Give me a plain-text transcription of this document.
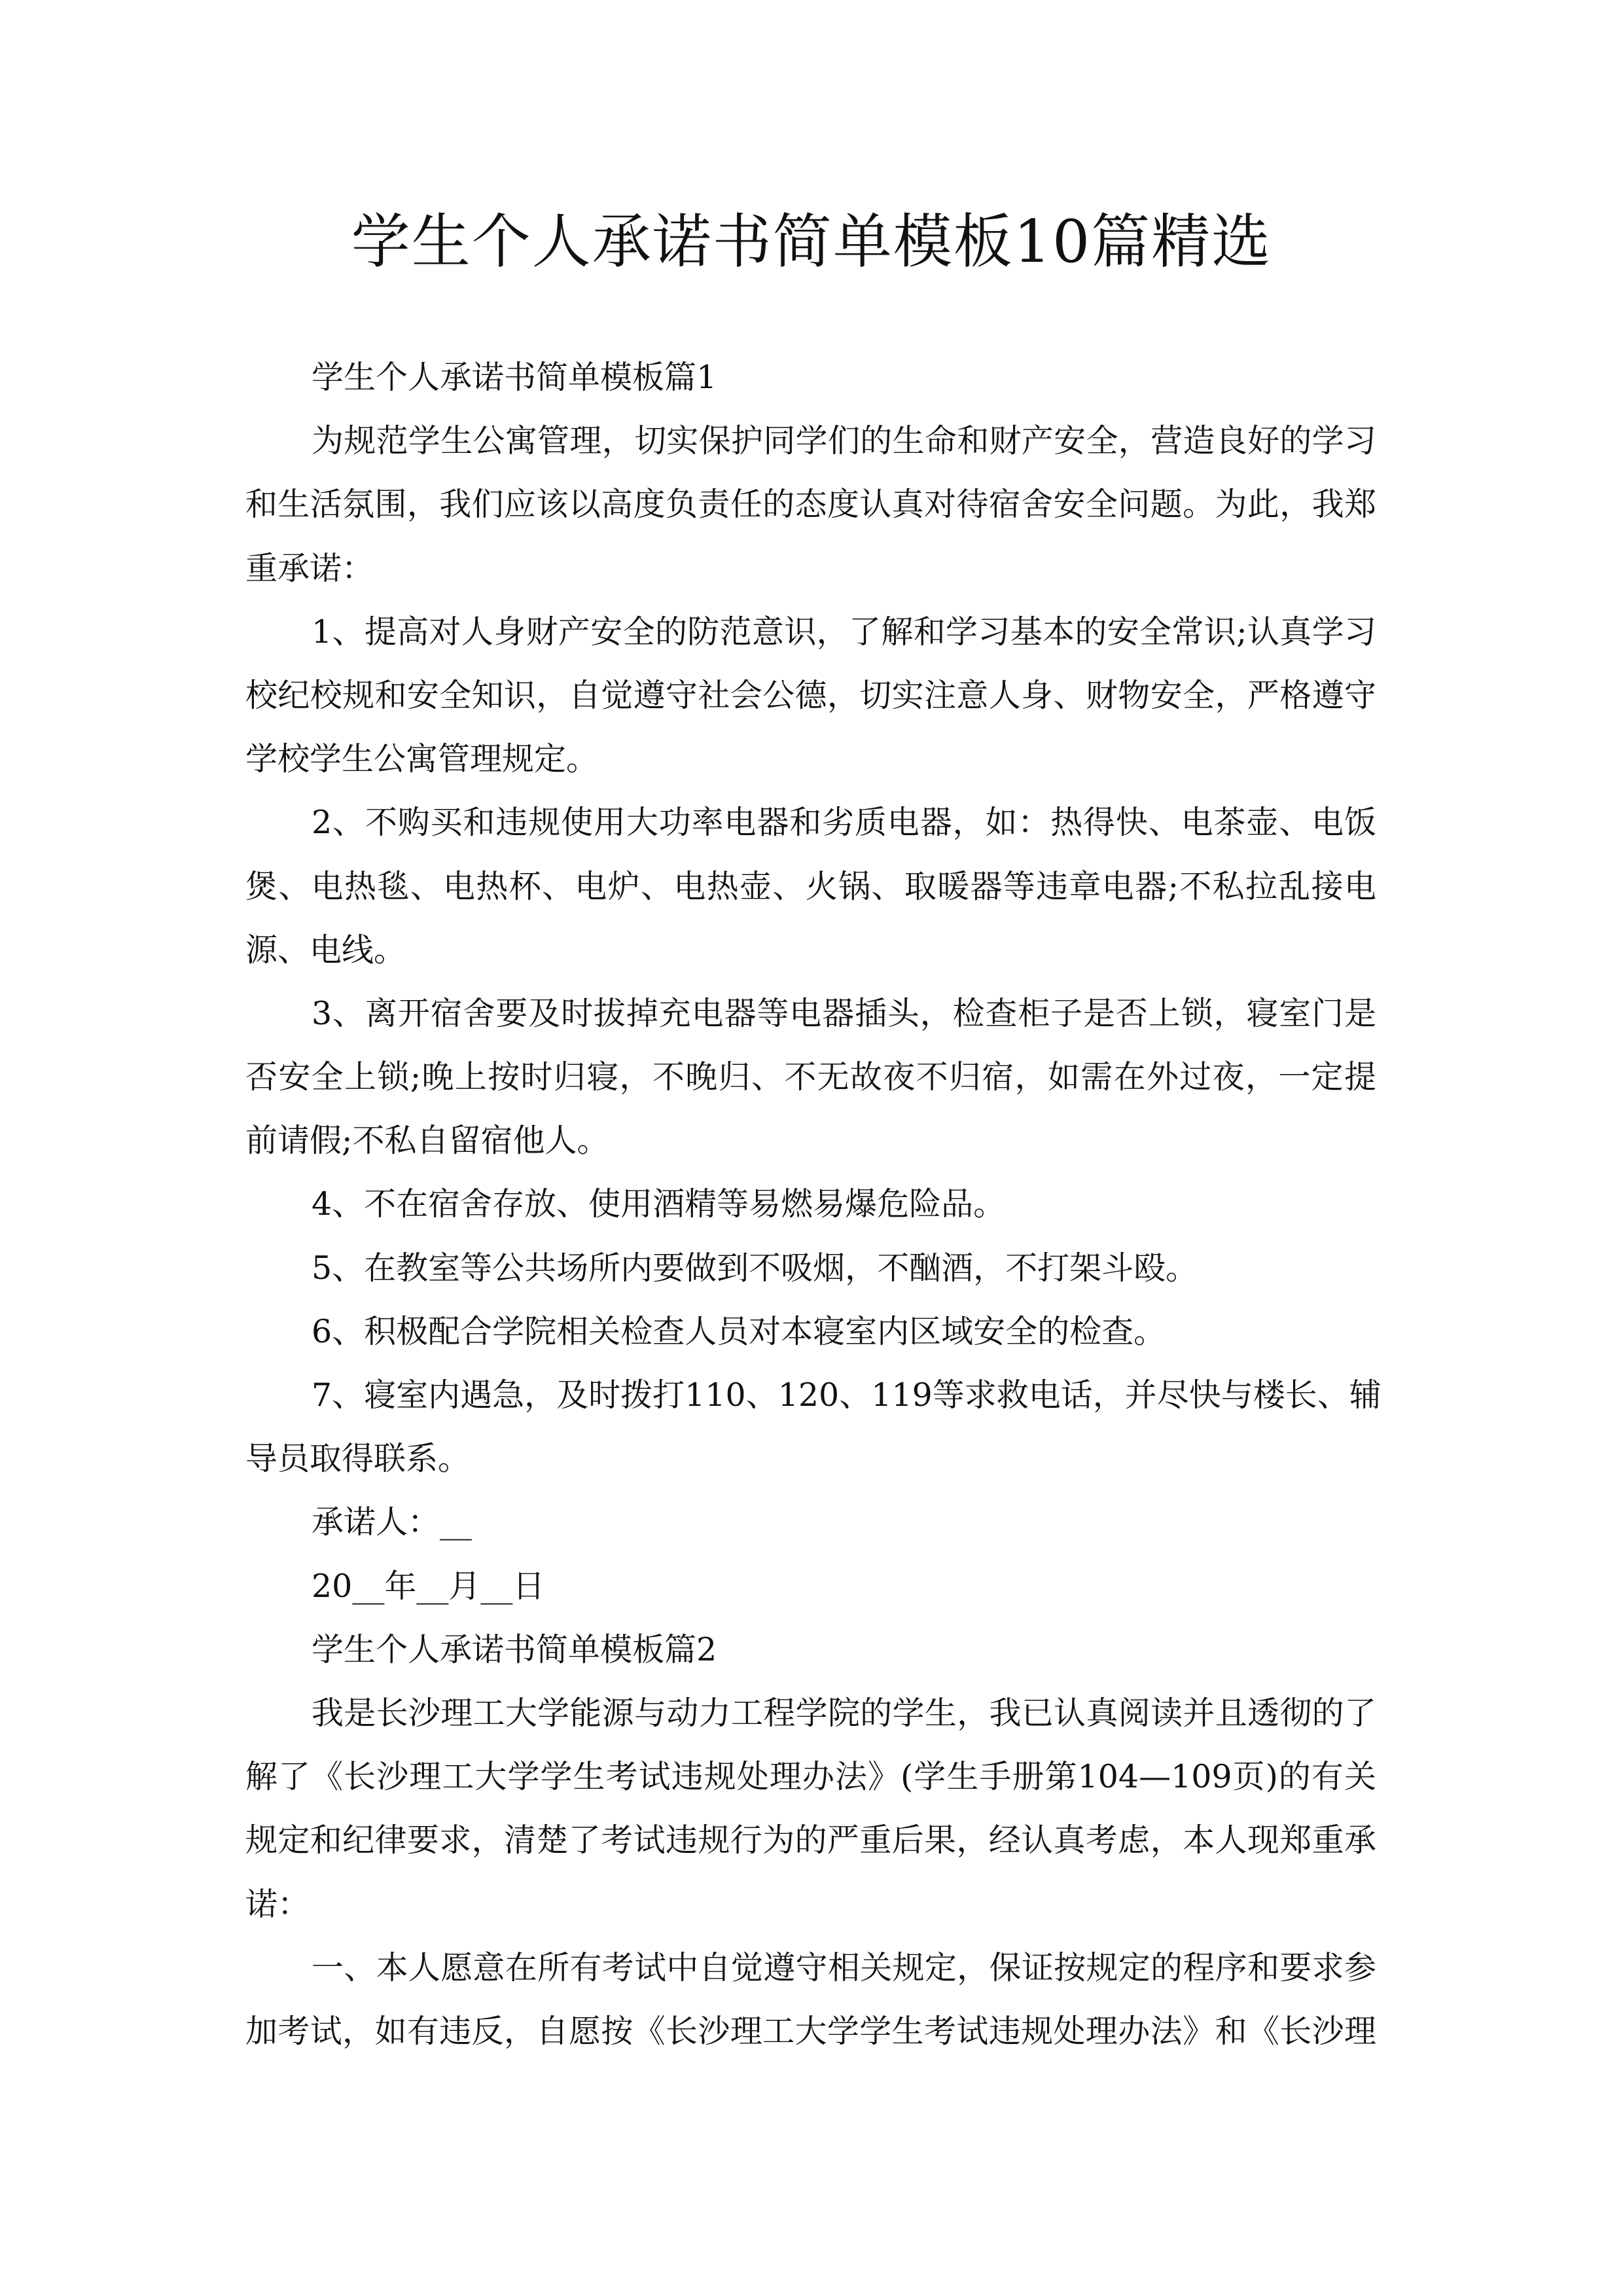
学生个人承诺书简单模板10篇精选
学生个人承诺书简单模板篇1
为规范学生公寓管理，切实保护同学们的生命和财产安全，营造良好的学习
和生活氛围，我们应该以高度负责任的态度认真对待宿舍安全问题。为此，我郑
重承诺：
1、提高对人身财产安全的防范意识，了解和学习基本的安全常识;认真学习
校纪校规和安全知识，自觉遵守社会公德，切实注意人身、财物安全，严格遵守
学校学生公寓管理规定。
2、不购买和违规使用大功率电器和劣质电器，如：热得快、电茶壶、电饭
煲、电热毯、电热杯、电炉、电热壶、火锅、取暖器等违章电器;不私拉乱接电
源、电线。
3、离开宿舍要及时拔掉充电器等电器插头，检查柜子是否上锁，寝室门是
否安全上锁;晚上按时归寝，不晚归、不无故夜不归宿，如需在外过夜，一定提
前请假;不私自留宿他人。
4、不在宿舍存放、使用酒精等易燃易爆危险品。
5、在教室等公共场所内要做到不吸烟，不酗酒，不打架斗殴。
6、积极配合学院相关检查人员对本寝室内区域安全的检查。
7、寝室内遇急，及时拨打110、120、119等求救电话，并尽快与楼长、辅
导员取得联系。
承诺人：__
20__年__月__日
学生个人承诺书简单模板篇2
我是长沙理工大学能源与动力工程学院的学生，我已认真阅读并且透彻的了
解了《长沙理工大学学生考试违规处理办法》(学生手册第104—109页)的有关
规定和纪律要求，清楚了考试违规行为的严重后果，经认真考虑，本人现郑重承
诺：
一、本人愿意在所有考试中自觉遵守相关规定，保证按规定的程序和要求参
加考试，如有违反，自愿按《长沙理工大学学生考试违规处理办法》和《长沙理
